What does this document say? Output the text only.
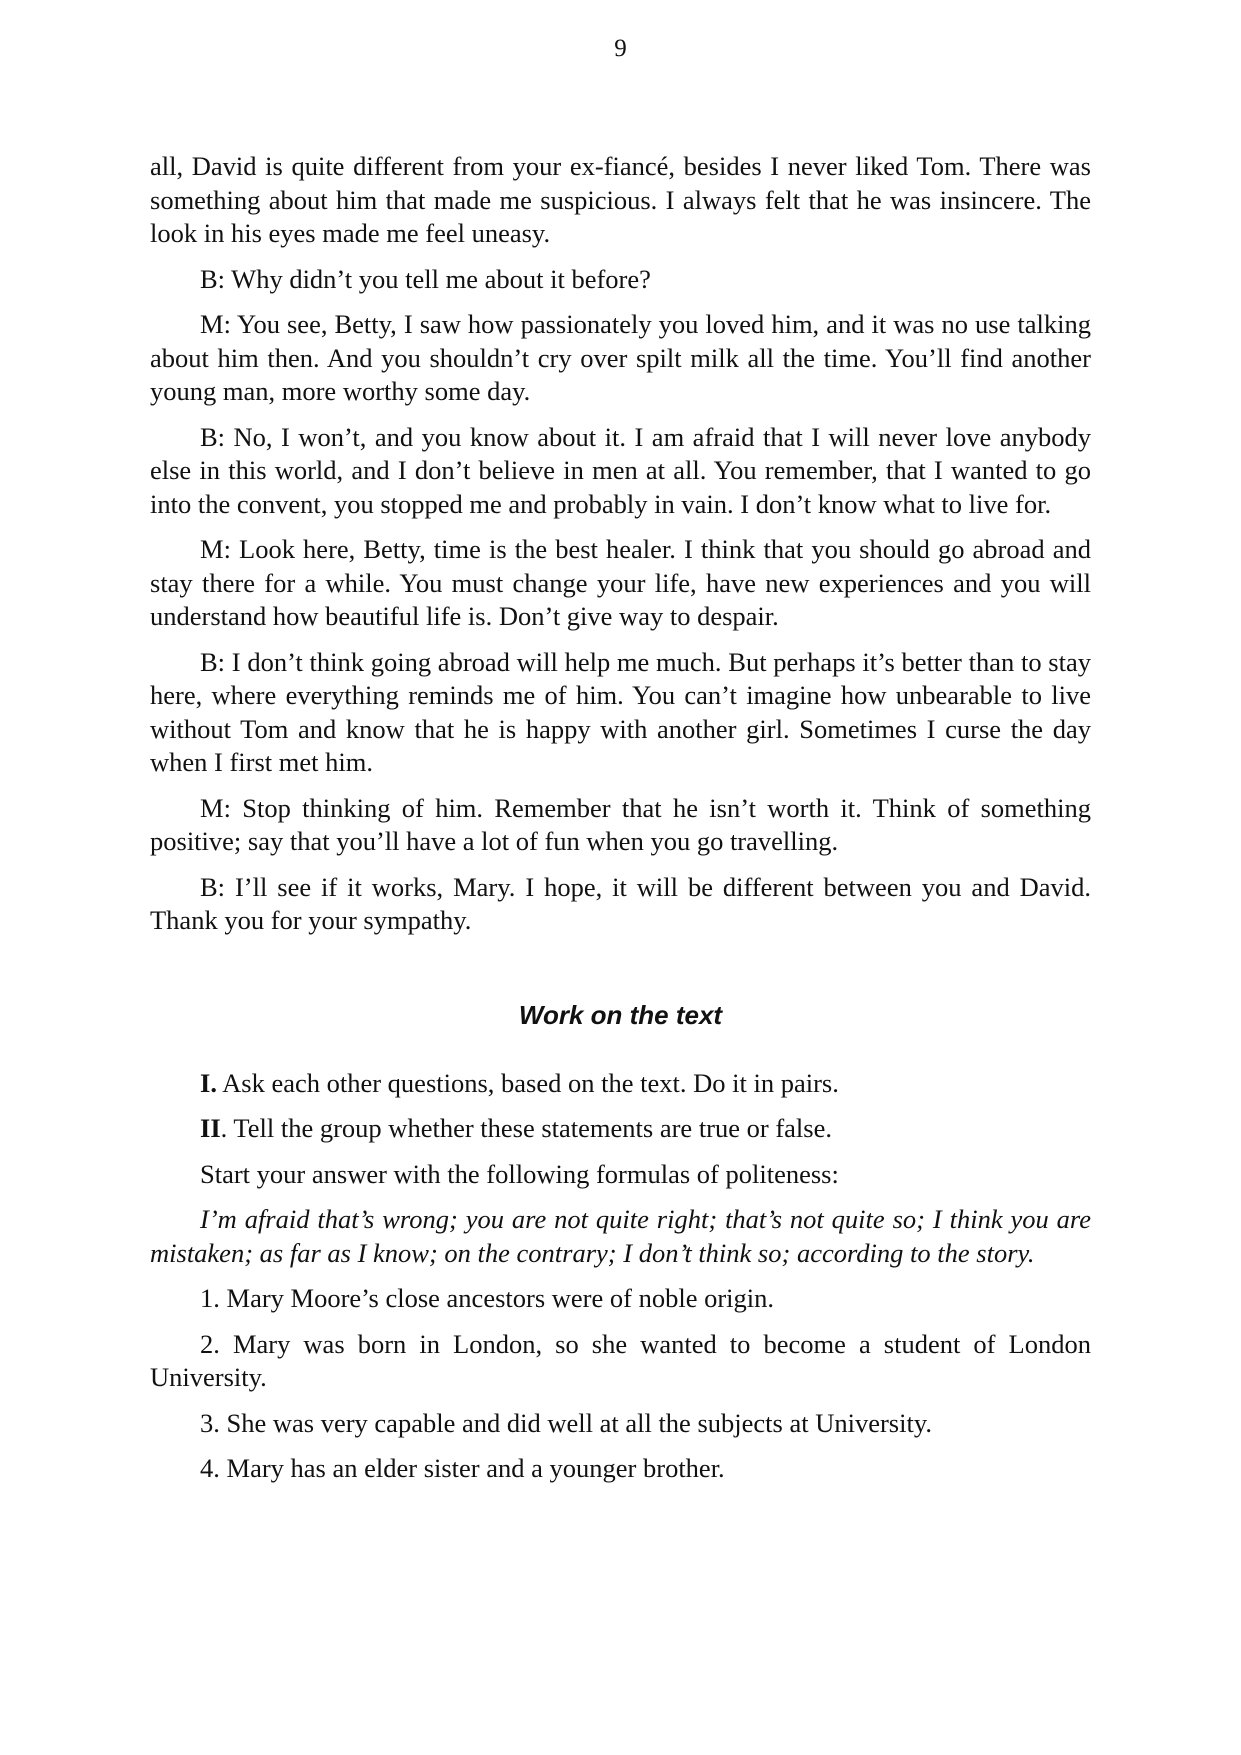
9

all, David is quite different from your ex-fiancé, besides I never liked Tom. There was something about him that made me suspicious. I always felt that he was insincere. The look in his eyes made me feel uneasy.

B: Why didn’t you tell me about it before?

M: You see, Betty, I saw how passionately you loved him, and it was no use talking about him then. And you shouldn’t cry over spilt milk all the time. You’ll find another young man, more worthy some day.

B: No, I won’t, and you know about it. I am afraid that I will never love anybody else in this world, and I don’t believe in men at all. You remember, that I wanted to go into the convent, you stopped me and probably in vain. I don’t know what to live for.

M: Look here, Betty, time is the best healer. I think that you should go abroad and stay there for a while. You must change your life, have new experiences and you will understand how beautiful life is. Don’t give way to despair.

B: I don’t think going abroad will help me much. But perhaps it’s better than to stay here, where everything reminds me of him. You can’t imagine how unbearable to live without Tom and know that he is happy with another girl. Sometimes I curse the day when I first met him.

M: Stop thinking of him. Remember that he isn’t worth it. Think of something positive; say that you’ll have a lot of fun when you go travelling.

B: I’ll see if it works, Mary. I hope, it will be different between you and David. Thank you for your sympathy.

Work on the text

I. Ask each other questions, based on the text. Do it in pairs.

II. Tell the group whether these statements are true or false.

Start your answer with the following formulas of politeness:

I’m afraid that’s wrong; you are not quite right; that’s not quite so; I think you are mistaken; as far as I know; on the contrary; I don’t think so; according to the story.

1. Mary Moore’s close ancestors were of noble origin.

2. Mary was born in London, so she wanted to become a student of London University.

3. She was very capable and did well at all the subjects at University.

4. Mary has an elder sister and a younger brother.
